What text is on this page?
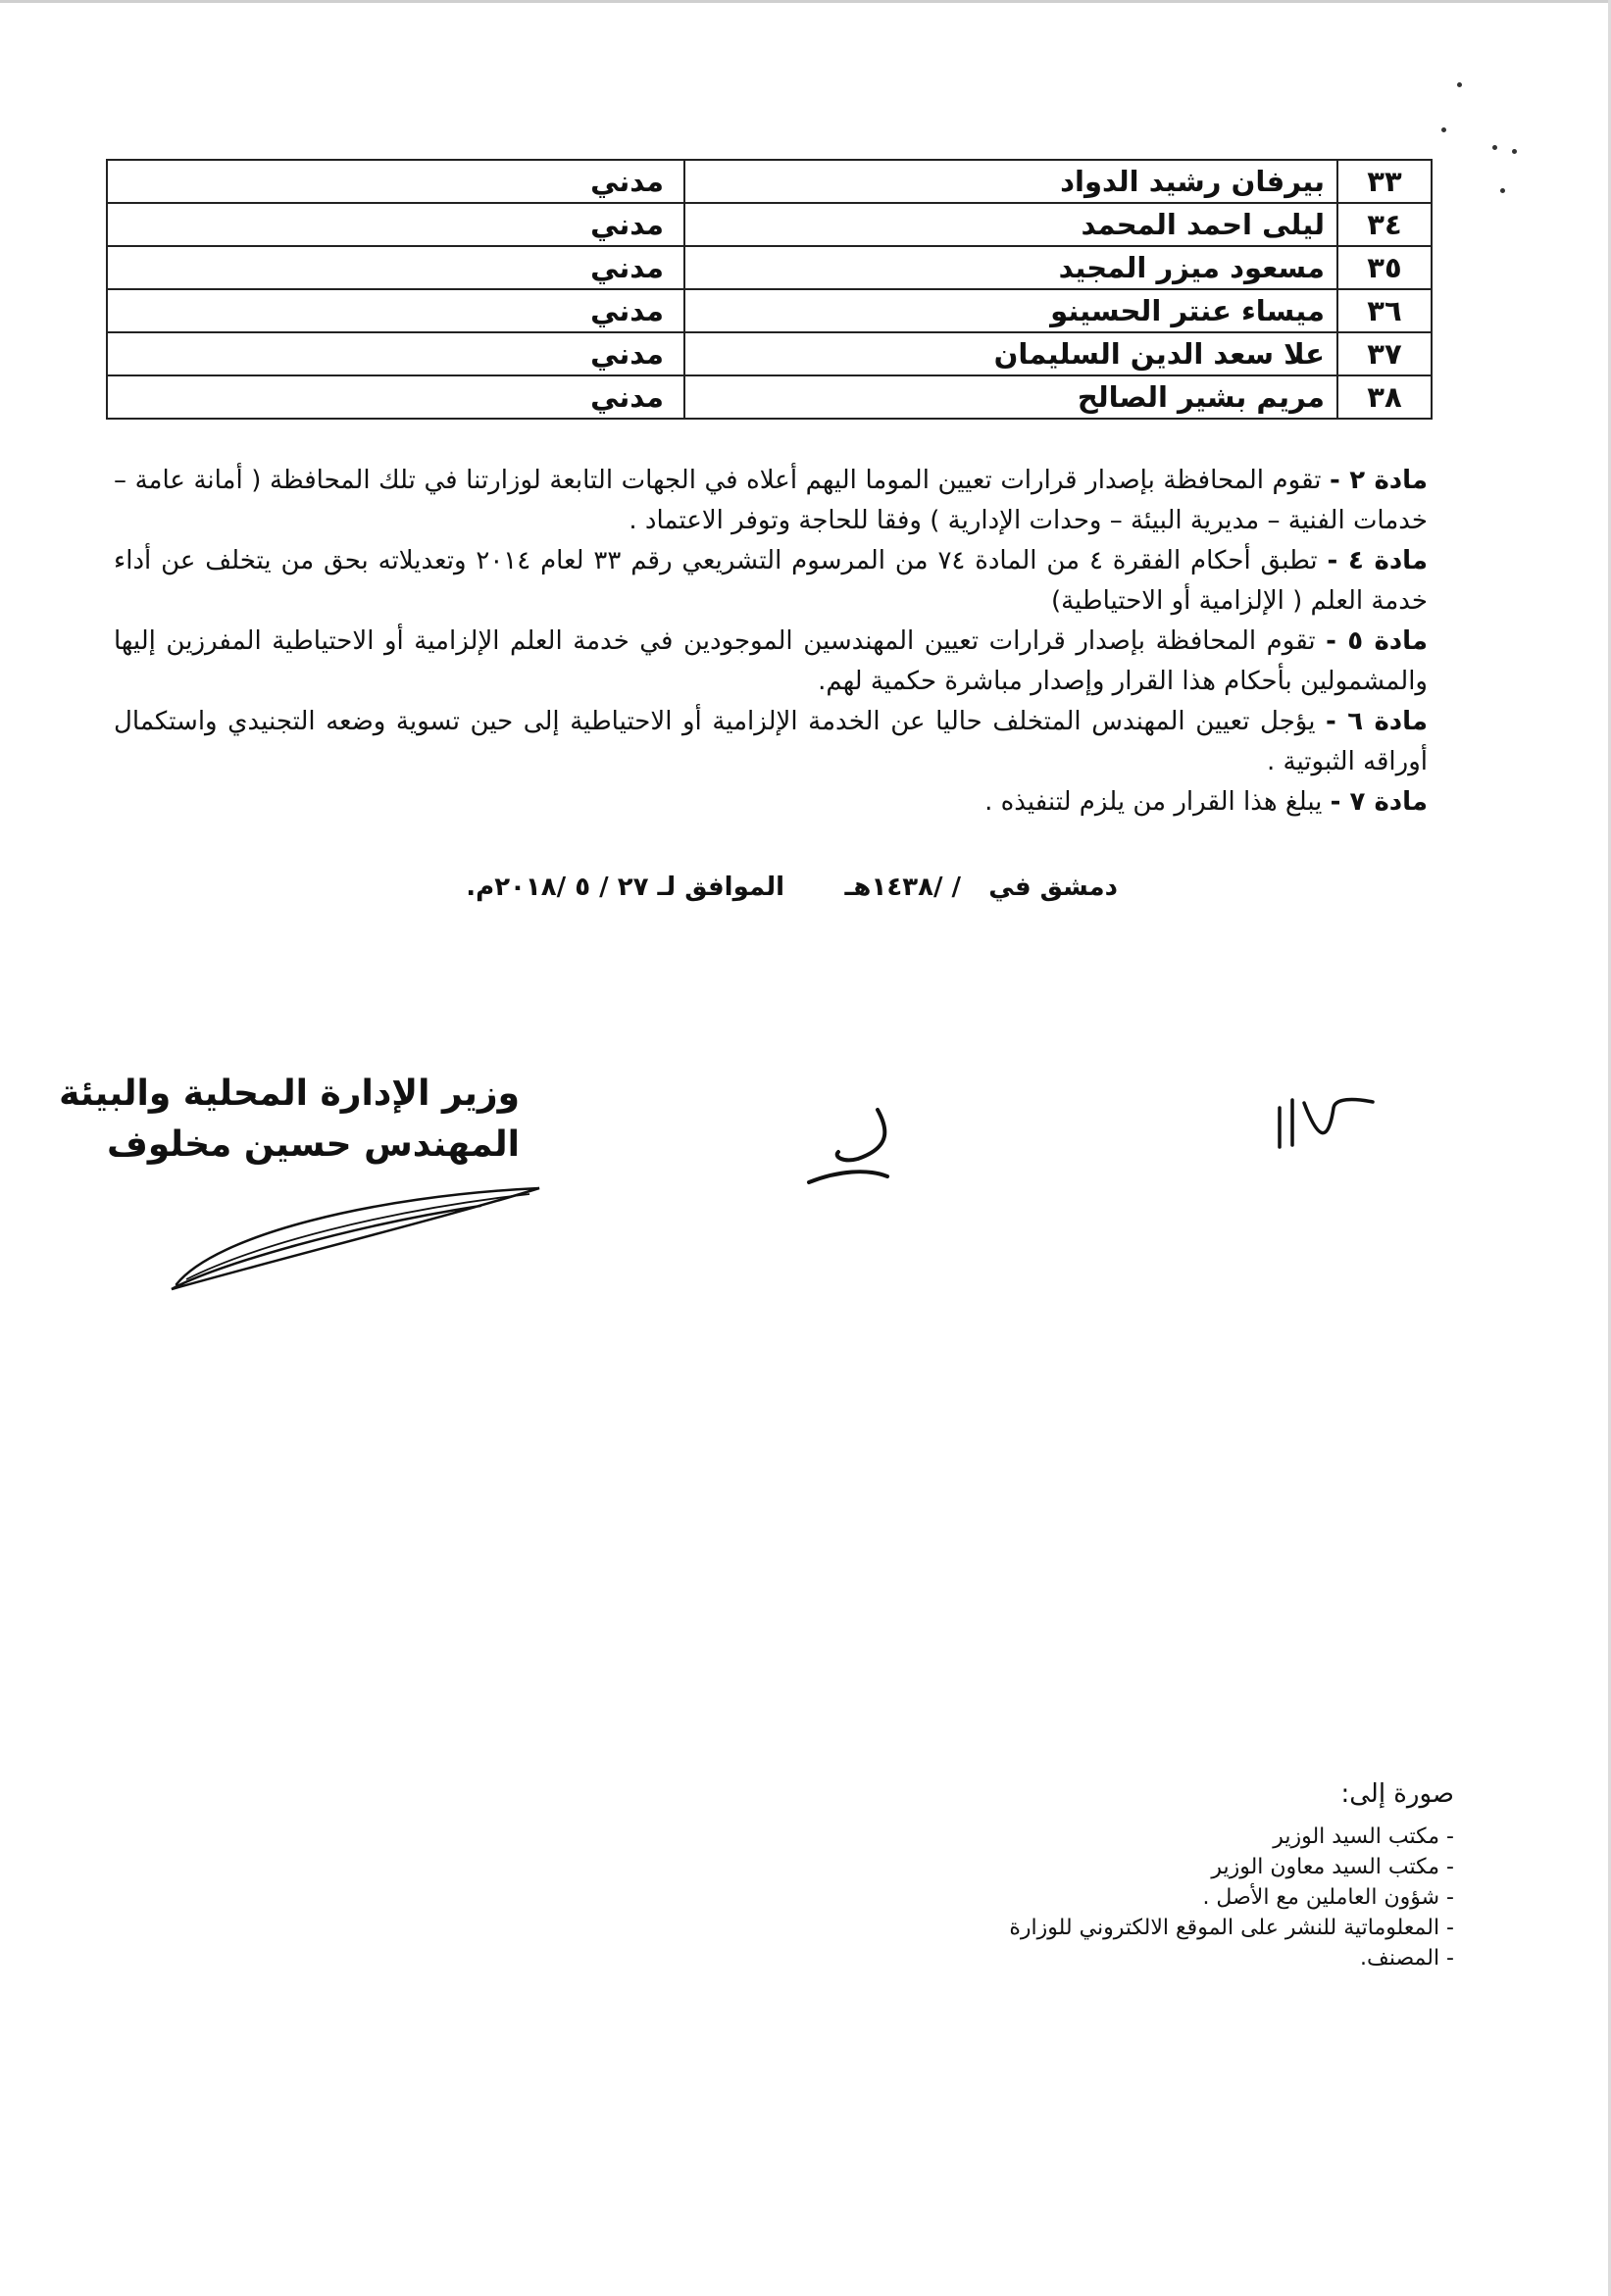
٣٣	بيرفان رشيد الدواد	مدني
٣٤	ليلى احمد المحمد	مدني
٣٥	مسعود ميزر المجيد	مدني
٣٦	ميساء عنتر الحسينو	مدني
٣٧	علا سعد الدين السليمان	مدني
٣٨	مريم بشير الصالح	مدني

مادة ٢ - تقوم المحافظة بإصدار قرارات تعيين الموما اليهم أعلاه في الجهات التابعة لوزارتنا في تلك المحافظة ( أمانة عامة – خدمات الفنية – مديرية البيئة – وحدات الإدارية ) وفقا للحاجة وتوفر الاعتماد .

مادة ٤ - تطبق أحكام الفقرة ٤ من المادة ٧٤ من المرسوم التشريعي رقم ٣٣ لعام ٢٠١٤ وتعديلاته بحق من يتخلف عن أداء خدمة العلم ( الإلزامية أو الاحتياطية)

مادة ٥ - تقوم المحافظة بإصدار قرارات تعيين المهندسين الموجودين في خدمة العلم الإلزامية أو الاحتياطية المفرزين إليها والمشمولين بأحكام هذا القرار وإصدار مباشرة حكمية لهم.

مادة ٦ - يؤجل تعيين المهندس المتخلف حاليا عن الخدمة الإلزامية أو الاحتياطية إلى حين تسوية وضعه التجنيدي واستكمال أوراقه الثبوتية .

مادة ٧ - يبلغ هذا القرار من يلزم لتنفيذه .

دمشق في
/ /١٤٣٨هـ
الموافق لـ ٢٧ / ٥ /٢٠١٨م.
وزير الإدارة المحلية والبيئة
المهندس حسين مخلوف
صورة إلى:
- مكتب السيد الوزير
- مكتب السيد معاون الوزير
- شؤون العاملين مع الأصل .
- المعلوماتية للنشر على الموقع الالكتروني للوزارة
- المصنف.
